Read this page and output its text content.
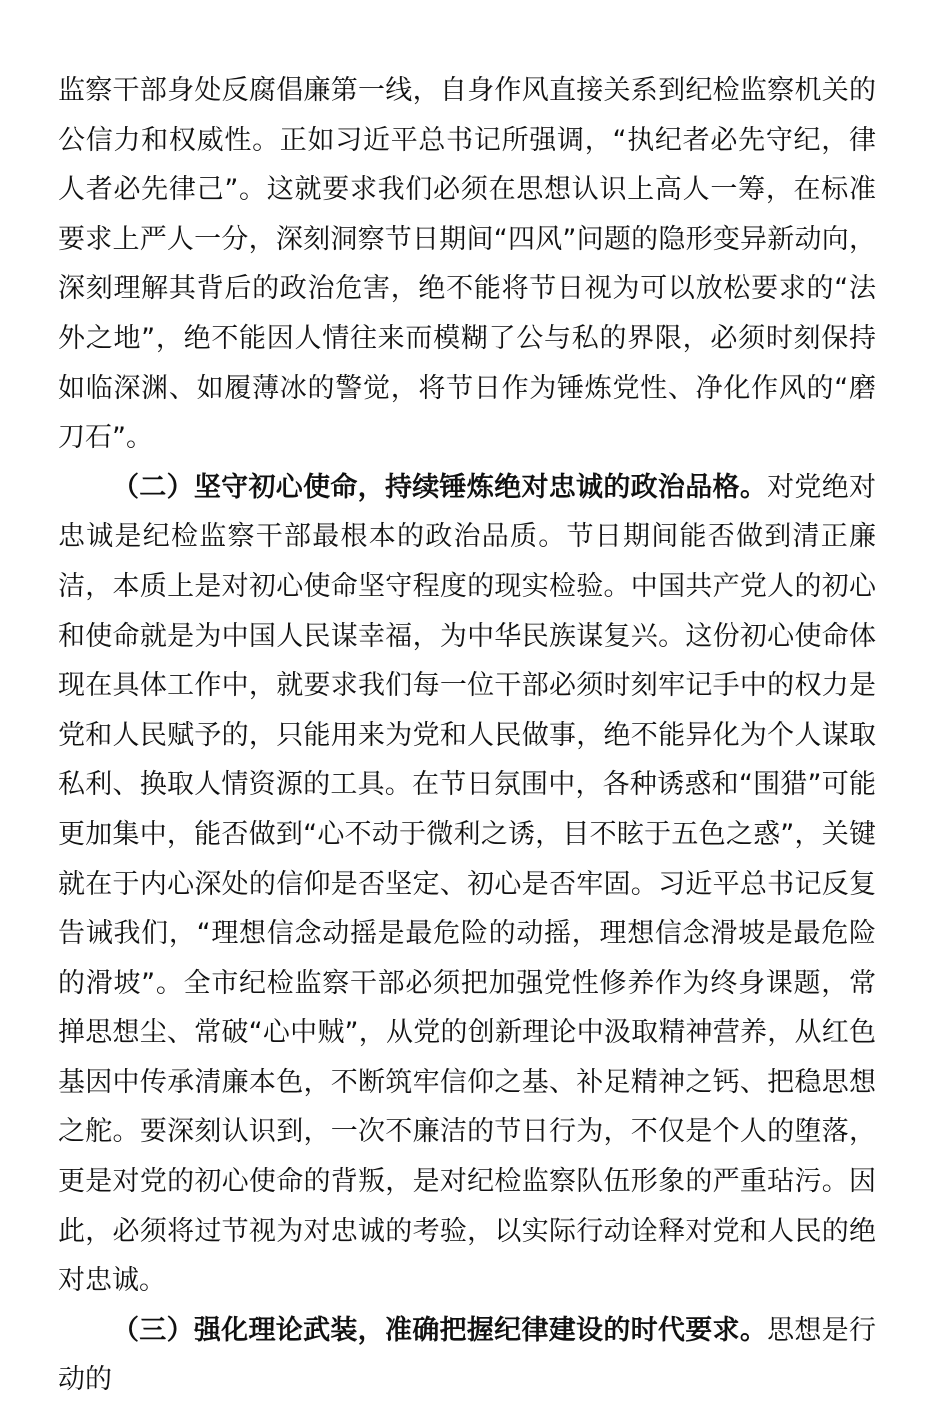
监察干部身处反腐倡廉第一线，自身作风直接关系到纪检监察机关的公信力和权威性。正如习近平总书记所强调，“执纪者必先守纪，律人者必先律己”。这就要求我们必须在思想认识上高人一筹，在标准要求上严人一分，深刻洞察节日期间“四风”问题的隐形变异新动向，深刻理解其背后的政治危害，绝不能将节日视为可以放松要求的“法外之地”，绝不能因人情往来而模糊了公与私的界限，必须时刻保持如临深渊、如履薄冰的警觉，将节日作为锤炼党性、净化作风的“磨刀石”。

（二）坚守初心使命，持续锤炼绝对忠诚的政治品格。对党绝对忠诚是纪检监察干部最根本的政治品质。节日期间能否做到清正廉洁，本质上是对初心使命坚守程度的现实检验。中国共产党人的初心和使命就是为中国人民谋幸福，为中华民族谋复兴。这份初心使命体现在具体工作中，就要求我们每一位干部必须时刻牢记手中的权力是党和人民赋予的，只能用来为党和人民做事，绝不能异化为个人谋取私利、换取人情资源的工具。在节日氛围中，各种诱惑和“围猎”可能更加集中，能否做到“心不动于微利之诱，目不眩于五色之惑”，关键就在于内心深处的信仰是否坚定、初心是否牢固。习近平总书记反复告诫我们，“理想信念动摇是最危险的动摇，理想信念滑坡是最危险的滑坡”。全市纪检监察干部必须把加强党性修养作为终身课题，常掸思想尘、常破“心中贼”，从党的创新理论中汲取精神营养，从红色基因中传承清廉本色，不断筑牢信仰之基、补足精神之钙、把稳思想之舵。要深刻认识到，一次不廉洁的节日行为，不仅是个人的堕落，更是对党的初心使命的背叛，是对纪检监察队伍形象的严重玷污。因此，必须将过节视为对忠诚的考验，以实际行动诠释对党和人民的绝对忠诚。

（三）强化理论武装，准确把握纪律建设的时代要求。思想是行动的
